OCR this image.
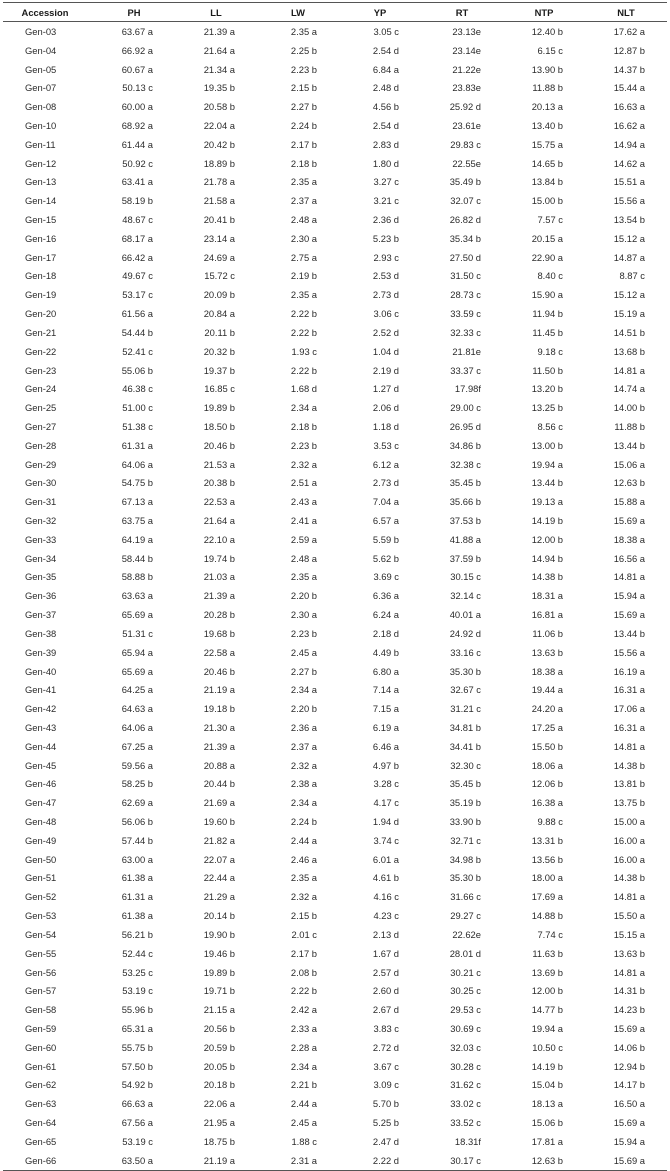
Accession	PH	LL	LW	YP	RT	NTP	NLT
Gen-03	63.67 a	21.39 a	2.35 a	3.05 c	23.13e	12.40 b	17.62 a
Gen-04	66.92 a	21.64 a	2.25 b	2.54 d	23.14e	6.15 c	12.87 b
Gen-05	60.67 a	21.34 a	2.23 b	6.84 a	21.22e	13.90 b	14.37 b
Gen-07	50.13 c	19.35 b	2.15 b	2.48 d	23.83e	11.88 b	15.44 a
Gen-08	60.00 a	20.58 b	2.27 b	4.56 b	25.92 d	20.13 a	16.63 a
Gen-10	68.92 a	22.04 a	2.24 b	2.54 d	23.61e	13.40 b	16.62 a
Gen-11	61.44 a	20.42 b	2.17 b	2.83 d	29.83 c	15.75 a	14.94 a
Gen-12	50.92 c	18.89 b	2.18 b	1.80 d	22.55e	14.65 b	14.62 a
Gen-13	63.41 a	21.78 a	2.35 a	3.27 c	35.49 b	13.84 b	15.51 a
Gen-14	58.19 b	21.58 a	2.37 a	3.21 c	32.07 c	15.00 b	15.56 a
Gen-15	48.67 c	20.41 b	2.48 a	2.36 d	26.82 d	7.57 c	13.54 b
Gen-16	68.17 a	23.14 a	2.30 a	5.23 b	35.34 b	20.15 a	15.12 a
Gen-17	66.42 a	24.69 a	2.75 a	2.93 c	27.50 d	22.90 a	14.87 a
Gen-18	49.67 c	15.72 c	2.19 b	2.53 d	31.50 c	8.40 c	8.87 c
Gen-19	53.17 c	20.09 b	2.35 a	2.73 d	28.73 c	15.90 a	15.12 a
Gen-20	61.56 a	20.84 a	2.22 b	3.06 c	33.59 c	11.94 b	15.19 a
Gen-21	54.44 b	20.11 b	2.22 b	2.52 d	32.33 c	11.45 b	14.51 b
Gen-22	52.41 c	20.32 b	1.93 c	1.04 d	21.81e	9.18 c	13.68 b
Gen-23	55.06 b	19.37 b	2.22 b	2.19 d	33.37 c	11.50 b	14.81 a
Gen-24	46.38 c	16.85 c	1.68 d	1.27 d	17.98f	13.20 b	14.74 a
Gen-25	51.00 c	19.89 b	2.34 a	2.06 d	29.00 c	13.25 b	14.00 b
Gen-27	51.38 c	18.50 b	2.18 b	1.18 d	26.95 d	8.56 c	11.88 b
Gen-28	61.31 a	20.46 b	2.23 b	3.53 c	34.86 b	13.00 b	13.44 b
Gen-29	64.06 a	21.53 a	2.32 a	6.12 a	32.38 c	19.94 a	15.06 a
Gen-30	54.75 b	20.38 b	2.51 a	2.73 d	35.45 b	13.44 b	12.63 b
Gen-31	67.13 a	22.53 a	2.43 a	7.04 a	35.66 b	19.13 a	15.88 a
Gen-32	63.75 a	21.64 a	2.41 a	6.57 a	37.53 b	14.19 b	15.69 a
Gen-33	64.19 a	22.10 a	2.59 a	5.59 b	41.88 a	12.00 b	18.38 a
Gen-34	58.44 b	19.74 b	2.48 a	5.62 b	37.59 b	14.94 b	16.56 a
Gen-35	58.88 b	21.03 a	2.35 a	3.69 c	30.15 c	14.38 b	14.81 a
Gen-36	63.63 a	21.39 a	2.20 b	6.36 a	32.14 c	18.31 a	15.94 a
Gen-37	65.69 a	20.28 b	2.30 a	6.24 a	40.01 a	16.81 a	15.69 a
Gen-38	51.31 c	19.68 b	2.23 b	2.18 d	24.92 d	11.06 b	13.44 b
Gen-39	65.94 a	22.58 a	2.45 a	4.49 b	33.16 c	13.63 b	15.56 a
Gen-40	65.69 a	20.46 b	2.27 b	6.80 a	35.30 b	18.38 a	16.19 a
Gen-41	64.25 a	21.19 a	2.34 a	7.14 a	32.67 c	19.44 a	16.31 a
Gen-42	64.63 a	19.18 b	2.20 b	7.15 a	31.21 c	24.20 a	17.06 a
Gen-43	64.06 a	21.30 a	2.36 a	6.19 a	34.81 b	17.25 a	16.31 a
Gen-44	67.25 a	21.39 a	2.37 a	6.46 a	34.41 b	15.50 b	14.81 a
Gen-45	59.56 a	20.88 a	2.32 a	4.97 b	32.30 c	18.06 a	14.38 b
Gen-46	58.25 b	20.44 b	2.38 a	3.28 c	35.45 b	12.06 b	13.81 b
Gen-47	62.69 a	21.69 a	2.34 a	4.17 c	35.19 b	16.38 a	13.75 b
Gen-48	56.06 b	19.60 b	2.24 b	1.94 d	33.90 b	9.88 c	15.00 a
Gen-49	57.44 b	21.82 a	2.44 a	3.74 c	32.71 c	13.31 b	16.00 a
Gen-50	63.00 a	22.07 a	2.46 a	6.01 a	34.98 b	13.56 b	16.00 a
Gen-51	61.38 a	22.44 a	2.35 a	4.61 b	35.30 b	18.00 a	14.38 b
Gen-52	61.31 a	21.29 a	2.32 a	4.16 c	31.66 c	17.69 a	14.81 a
Gen-53	61.38 a	20.14 b	2.15 b	4.23 c	29.27 c	14.88 b	15.50 a
Gen-54	56.21 b	19.90 b	2.01 c	2.13 d	22.62e	7.74 c	15.15 a
Gen-55	52.44 c	19.46 b	2.17 b	1.67 d	28.01 d	11.63 b	13.63 b
Gen-56	53.25 c	19.89 b	2.08 b	2.57 d	30.21 c	13.69 b	14.81 a
Gen-57	53.19 c	19.71 b	2.22 b	2.60 d	30.25 c	12.00 b	14.31 b
Gen-58	55.96 b	21.15 a	2.42 a	2.67 d	29.53 c	14.77 b	14.23 b
Gen-59	65.31 a	20.56 b	2.33 a	3.83 c	30.69 c	19.94 a	15.69 a
Gen-60	55.75 b	20.59 b	2.28 a	2.72 d	32.03 c	10.50 c	14.06 b
Gen-61	57.50 b	20.05 b	2.34 a	3.67 c	30.28 c	14.19 b	12.94 b
Gen-62	54.92 b	20.18 b	2.21 b	3.09 c	31.62 c	15.04 b	14.17 b
Gen-63	66.63 a	22.06 a	2.44 a	5.70 b	33.02 c	18.13 a	16.50 a
Gen-64	67.56 a	21.95 a	2.45 a	5.25 b	33.52 c	15.06 b	15.69 a
Gen-65	53.19 c	18.75 b	1.88 c	2.47 d	18.31f	17.81 a	15.94 a
Gen-66	63.50 a	21.19 a	2.31 a	2.22 d	30.17 c	12.63 b	15.69 a
